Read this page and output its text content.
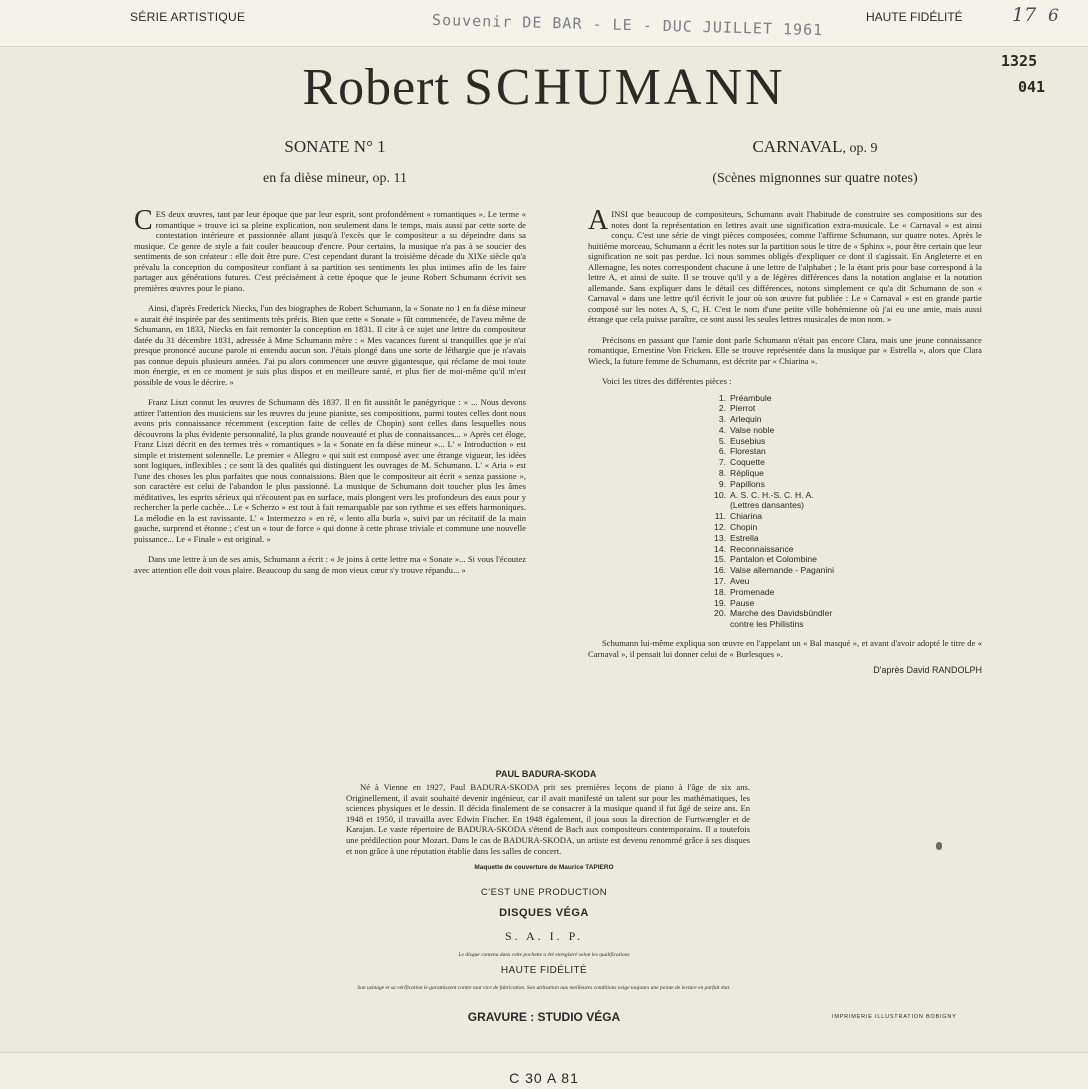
SÉRIE ARTISTIQUE	Souvenir DE BAR - LE - DUC JUILLET 1961	HAUTE FIDÉLITÉ	17 6
1325
041
Robert SCHUMANN
SONATE N° 1
en fa dièse mineur, op. 11
CARNAVAL, op. 9
(Scènes mignonnes sur quatre notes)

CES deux œuvres, tant par leur époque que par leur esprit, sont profondément « romantiques ». Le terme « romantique » trouve ici sa pleine explication, non seulement dans le temps, mais aussi par cette sorte de contestation intérieure et passionnée allant jusqu'à l'excès que le compositeur a su dépeindre dans sa musique. Ce genre de style a fait couler beaucoup d'encre. Pour certains, la musique n'a pas à se soucier des sentiments de son créateur : elle doit être pure. C'est cependant durant la troisième décade du XIXe siècle qu'a prévalu la conception du compositeur confiant à sa partition ses sentiments les plus intimes afin de les faire partager aux générations futures. C'est précisément à cette époque que le jeune Robert Schumann écrivit ses premières œuvres pour le piano.

Ainsi, d'après Frederick Niecks, l'un des biographes de Robert Schumann, la « Sonate no 1 en fa dièse mineur » aurait été inspirée par des sentiments très précis. Bien que cette « Sonate » fût commencée, de l'aveu même de Schumann, en 1833, Niecks en fait remonter la conception en 1831. Il cite à ce sujet une lettre du compositeur datée du 31 décembre 1831, adressée à Mme Schumann mère : « Mes vacances furent si tranquilles que je n'ai presque prononcé aucune parole ni entendu aucun son. J'étais plongé dans une sorte de léthargie que je n'avais pas connue depuis plusieurs années. J'ai pu alors commencer une œuvre gigantesque, qui réclame de moi toute mon énergie, et en ce moment je suis plus dispos et en meilleure santé, et plus fier de moi-même qu'il m'est possible de vous le décrire. »

Franz Liszt connut les œuvres de Schumann dès 1837. Il en fit aussitôt le panégyrique : « ... Nous devons attirer l'attention des musiciens sur les œuvres du jeune pianiste, ses compositions, parmi toutes celles dont nous avons pris connaissance récemment (exception faite de celles de Chopin) sont celles dans lesquelles nous découvrons la plus évidente personnalité, la plus grande nouveauté et plus de connaissances... » Après cet éloge, Franz Liszt décrit en des termes très « romantiques » la « Sonate en fa dièse mineur »... L' « Introduction » est simple et tristement solennelle. Le premier « Allegro » qui suit est composé avec une étrange vigueur, les idées sont logiques, inflexibles ; ce sont là des qualités qui distinguent les ouvrages de M. Schumann. L' « Aria » est l'une des choses les plus parfaites que nous connaissions. Bien que le compositeur ait écrit « senza passione », son caractère est celui de l'abandon le plus passionné. La musique de Schumann doit toucher plus les âmes méditatives, les esprits sérieux qui n'écoutent pas en surface, mais plongent vers les profondeurs des eaux pour y rechercher la perle cachée... Le « Scherzo » est tout à fait remarquable par son rythme et ses effets harmoniques. La mélodie en la est ravissante. L' « Intermezzo » en ré, « lento alla burla », suivi par un récitatif de la main gauche, surprend et étonne ; c'est un « tour de force » qui donne à cette phrase triviale et commune une nouvelle puissance... Le « Finale » est original. »

Dans une lettre à un de ses amis, Schumann a écrit : « Je joins à cette lettre ma « Sonate »... Si vous l'écoutez avec attention elle doit vous plaire. Beaucoup du sang de mon vieux cœur s'y trouve répandu... »

AINSI que beaucoup de compositeurs, Schumann avait l'habitude de construire ses compositions sur des notes dont la représentation en lettres avait une signification extra-musicale. Le « Carnaval » est ainsi conçu. C'est une série de vingt pièces composées, comme l'affirme Schumann, sur quatre notes. Après le huitième morceau, Schumann a écrit les notes sur la partition sous le titre de « Sphinx », pour être certain que leur signification ne soit pas perdue. Ici nous sommes obligés d'expliquer ce dont il s'agissait. En Angleterre et en Allemagne, les notes correspondent chacune à une lettre de l'alphabet ; le la étant pris pour base correspond à la lettre A, et ainsi de suite. Il se trouve qu'il y a de légères différences dans la notation anglaise et la notation allemande. Sans expliquer dans le détail ces différences, notons simplement ce qu'a dit Schumann de son « Carnaval » dans une lettre qu'il écrivit le jour où son œuvre fut publiée : Le « Carnaval » est en grande partie composé sur les notes A, S, C, H. C'est le nom d'une petite ville bohémienne où j'ai eu une amie, mais aussi étrange que cela puisse paraître, ce sont aussi les seules lettres musicales de mon nom. »

Précisons en passant que l'amie dont parle Schumann n'était pas encore Clara, mais une jeune connaissance romantique, Ernestine Von Fricken. Elle se trouve représentée dans la musique par « Estrella », alors que Clara Wieck, la future femme de Schumann, est décrite par « Chiarina ».

Voici les titres des différentes pièces :

1. Préambule
2. Pierrot
3. Arlequin
4. Valse noble
5. Eusebius
6. Florestan
7. Coquette
8. Réplique
9. Papillons
10. A. S. C. H.-S. C. H. A.
(Lettres dansantes)
11. Chiarina
12. Chopin
13. Estrella
14. Reconnaissance
15. Pantalon et Colombine
16. Valse allemande - Paganini
17. Aveu
18. Promenade
19. Pause
20. Marche des Davidsbündler
contre les Philistins

Schumann lui-même expliqua son œuvre en l'appelant un « Bal masqué », et avant d'avoir adopté le titre de « Carnaval », il pensait lui donner celui de « Burlesques ».

D'après David RANDOLPH
PAUL BADURA-SKODA

Né à Vienne en 1927, Paul BADURA-SKODA prit ses premières leçons de piano à l'âge de six ans. Originellement, il avait souhaité devenir ingénieur, car il avait manifesté un talent sur pour les mathématiques, les sciences physiques et le dessin. Il décida finalement de se consacrer à la musique quand il fut âgé de seize ans. En 1948 et 1950, il travailla avec Edwin Fischer. En 1948 également, il joua sous la direction de Furtwængler et de Karajan. Le vaste répertoire de BADURA-SKODA s'étend de Bach aux compositeurs contemporains. Il a toutefois une prédilection pour Mozart. Dans le cas de BADURA-SKODA, un artiste est devenu renommé grâce à ses disques et non grâce à une réputation établie dans les salles de concert.

Maquette de couverture de Maurice TAPIERO
C'EST UNE PRODUCTION
DISQUES VÉGA
S. A. I. P.
Le disque contenu dans cette pochette a été enregistré selon les qualifications
HAUTE FIDÉLITÉ
Son usinage et sa vérification le garantissent contre tout vice de fabrication. Son utilisation aux meilleures conditions exige toujours une pointe de lecture en parfait état.
GRAVURE : STUDIO VÉGA	IMPRIMERIE ILLUSTRATION BOBIGNY
C 30 A 81
